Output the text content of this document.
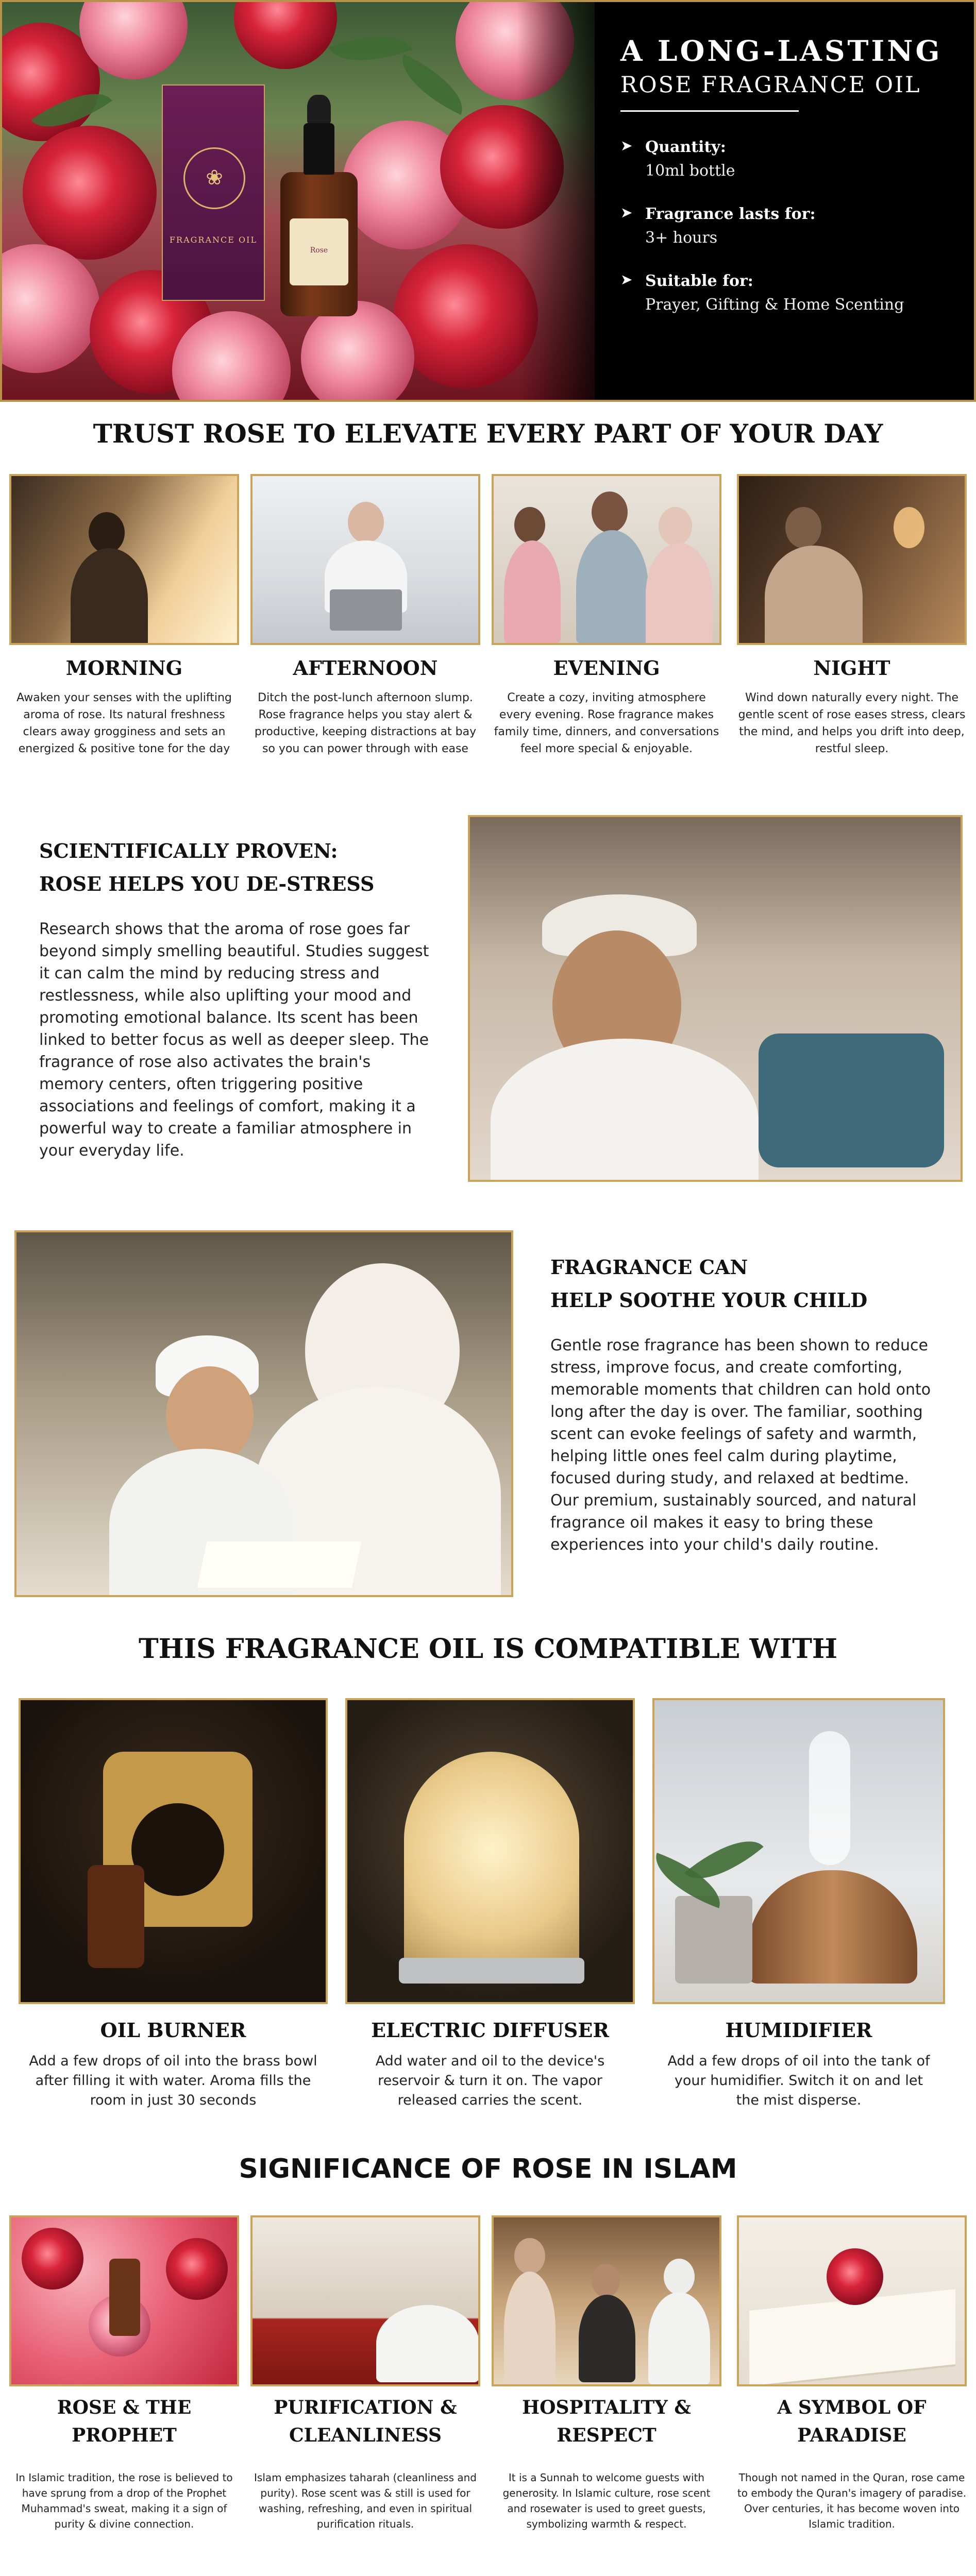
❀
FRAGRANCE OIL
Rose
A LONG-LASTING
ROSE FRAGRANCE OIL
➤ Quantity:
10ml bottle
➤ Fragrance lasts for:
3+ hours
➤ Suitable for:
Prayer, Gifting & Home Scenting
TRUST ROSE TO ELEVATE EVERY PART OF YOUR DAY
MORNING	AFTERNOON	EVENING	NIGHT
Awaken your senses with the uplifting aroma of rose. Its natural freshness clears away grogginess and sets an energized & positive tone for the day
Ditch the post-lunch afternoon slump. Rose fragrance helps you stay alert & productive, keeping distractions at bay so you can power through with ease
Create a cozy, inviting atmosphere every evening. Rose fragrance makes family time, dinners, and conversations feel more special & enjoyable.
Wind down naturally every night. The gentle scent of rose eases stress, clears the mind, and helps you drift into deep, restful sleep.
SCIENTIFICALLY PROVEN:
ROSE HELPS YOU DE-STRESS

Research shows that the aroma of rose goes far beyond simply smelling beautiful. Studies suggest it can calm the mind by reducing stress and restlessness, while also uplifting your mood and promoting emotional balance. Its scent has been linked to better focus as well as deeper sleep. The fragrance of rose also activates the brain's memory centers, often triggering positive associations and feelings of comfort, making it a powerful way to create a familiar atmosphere in your everyday life.

FRAGRANCE CAN
HELP SOOTHE YOUR CHILD

Gentle rose fragrance has been shown to reduce stress, improve focus, and create comforting, memorable moments that children can hold onto long after the day is over. The familiar, soothing scent can evoke feelings of safety and warmth, helping little ones feel calm during playtime, focused during study, and relaxed at bedtime. Our premium, sustainably sourced, and natural fragrance oil makes it easy to bring these experiences into your child's daily routine.

THIS FRAGRANCE OIL IS COMPATIBLE WITH
OIL BURNER	ELECTRIC DIFFUSER	HUMIDIFIER
Add a few drops of oil into the brass bowl after filling it with water. Aroma fills the room in just 30 seconds
Add water and oil to the device's reservoir & turn it on. The vapor released carries the scent.
Add a few drops of oil into the tank of your humidifier. Switch it on and let the mist disperse.
SIGNIFICANCE OF ROSE IN ISLAM
ROSE & THE PROPHET
PURIFICATION & CLEANLINESS
HOSPITALITY & RESPECT
A SYMBOL OF PARADISE
In Islamic tradition, the rose is believed to have sprung from a drop of the Prophet Muhammad's sweat, making it a sign of purity & divine connection.
Islam emphasizes taharah (cleanliness and purity). Rose scent was & still is used for washing, refreshing, and even in spiritual purification rituals.
It is a Sunnah to welcome guests with generosity. In Islamic culture, rose scent and rosewater is used to greet guests, symbolizing warmth & respect.
Though not named in the Quran, rose came to embody the Quran's imagery of paradise. Over centuries, it has become woven into Islamic tradition.
